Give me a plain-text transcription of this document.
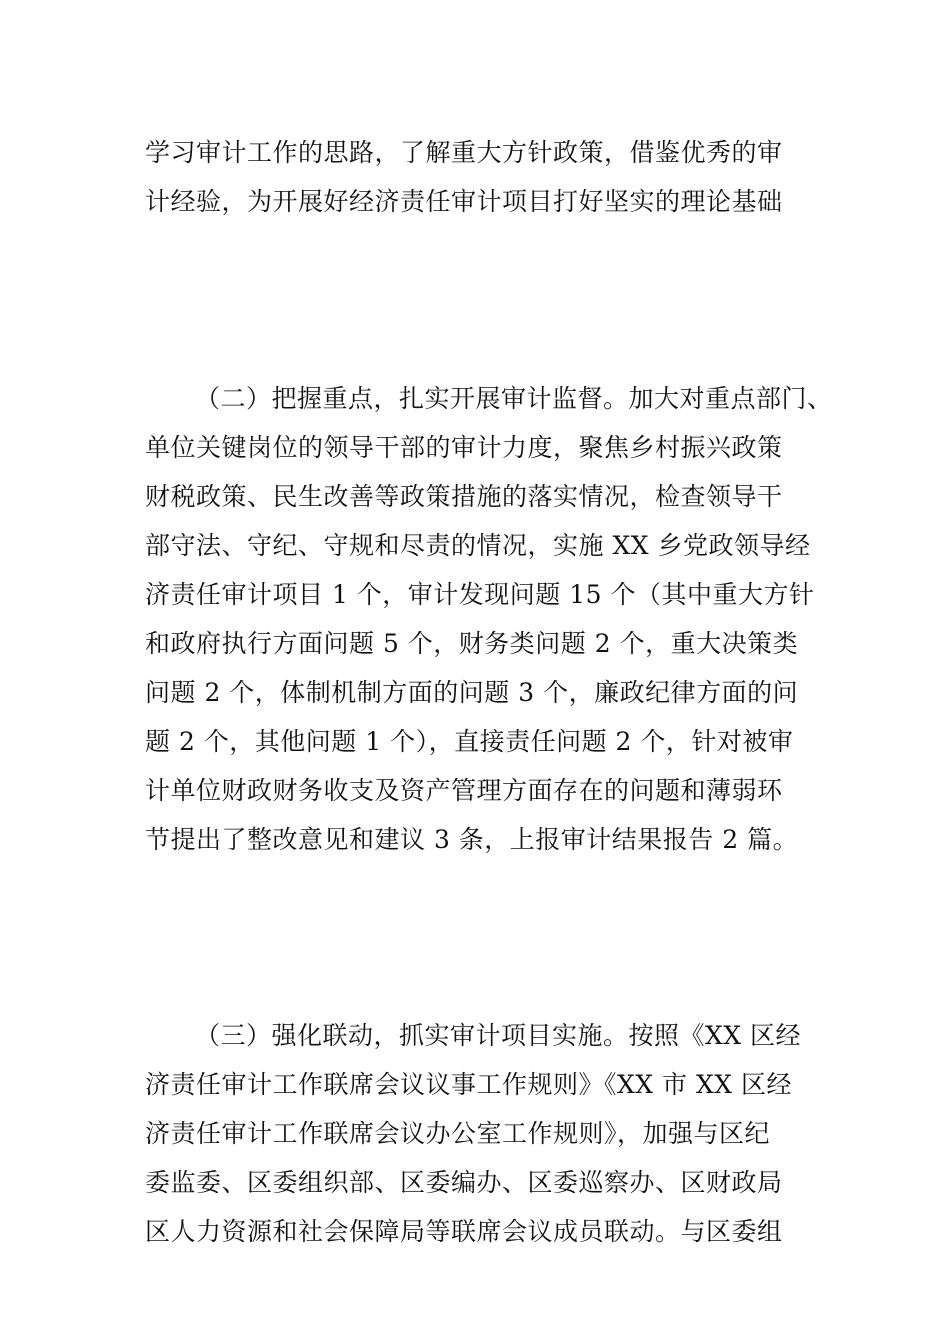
学习审计工作的思路，了解重大方针政策，借鉴优秀的审
计经验，为开展好经济责任审计项目打好坚实的理论基础
（二）把握重点，扎实开展审计监督。加大对重点部门、
单位关键岗位的领导干部的审计力度，聚焦乡村振兴政策
财税政策、民生改善等政策措施的落实情况，检查领导干
部守法、守纪、守规和尽责的情况，实施 XX 乡党政领导经
济责任审计项目 1 个，审计发现问题 15 个（其中重大方针
和政府执行方面问题 5 个，财务类问题 2 个，重大决策类
问题 2 个，体制机制方面的问题 3 个，廉政纪律方面的问
题 2 个，其他问题 1 个），直接责任问题 2 个，针对被审
计单位财政财务收支及资产管理方面存在的问题和薄弱环
节提出了整改意见和建议 3 条，上报审计结果报告 2 篇。
（三）强化联动，抓实审计项目实施。按照《XX 区经
济责任审计工作联席会议议事工作规则》《XX 市 XX 区经
济责任审计工作联席会议办公室工作规则》，加强与区纪
委监委、区委组织部、区委编办、区委巡察办、区财政局
区人力资源和社会保障局等联席会议成员联动。与区委组
